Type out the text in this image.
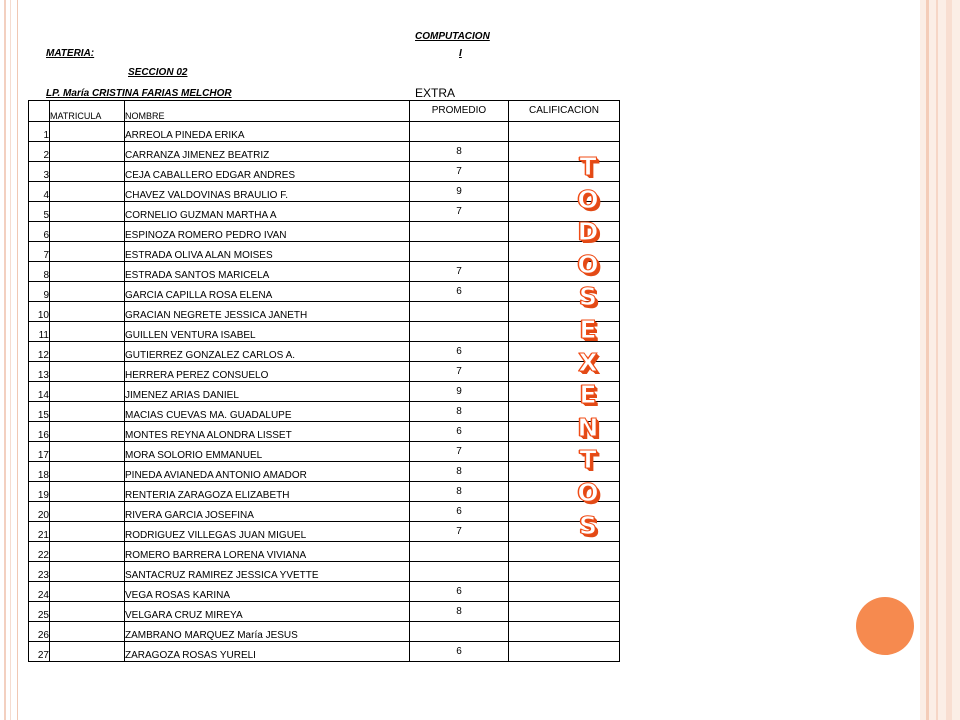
COMPUTACION
MATERIA:	I
SECCION 02
LP. María CRISTINA FARIAS MELCHOR	EXTRA
	MATRICULA	NOMBRE	PROMEDIO	CALIFICACION
1		ARREOLA PINEDA ERIKA		
2		CARRANZA JIMENEZ BEATRIZ	8	
3		CEJA CABALLERO EDGAR ANDRES	7	
4		CHAVEZ VALDOVINAS BRAULIO F.	9	
5		CORNELIO GUZMAN MARTHA A	7	
6		ESPINOZA ROMERO PEDRO IVAN		
7		ESTRADA OLIVA ALAN MOISES		
8		ESTRADA SANTOS MARICELA	7	
9		GARCIA CAPILLA ROSA ELENA	6	
10		GRACIAN NEGRETE JESSICA JANETH		
11		GUILLEN VENTURA ISABEL		
12		GUTIERREZ GONZALEZ CARLOS A.	6	
13		HERRERA PEREZ CONSUELO	7	
14		JIMENEZ ARIAS DANIEL	9	
15		MACIAS CUEVAS MA. GUADALUPE	8	
16		MONTES REYNA ALONDRA LISSET	6	
17		MORA SOLORIO EMMANUEL	7	
18		PINEDA AVIANEDA ANTONIO AMADOR	8	
19		RENTERIA ZARAGOZA ELIZABETH	8	
20		RIVERA GARCIA JOSEFINA	6	
21		RODRIGUEZ VILLEGAS JUAN MIGUEL	7	
22		ROMERO BARRERA LORENA VIVIANA		
23		SANTACRUZ RAMIREZ JESSICA YVETTE		
24		VEGA ROSAS KARINA	6	
25		VELGARA CRUZ MIREYA	8	
26		ZAMBRANO MARQUEZ María JESUS		
27		ZARAGOZA ROSAS YURELI	6	
T
O
D
O
S
E
X
E
N
T
O
S
